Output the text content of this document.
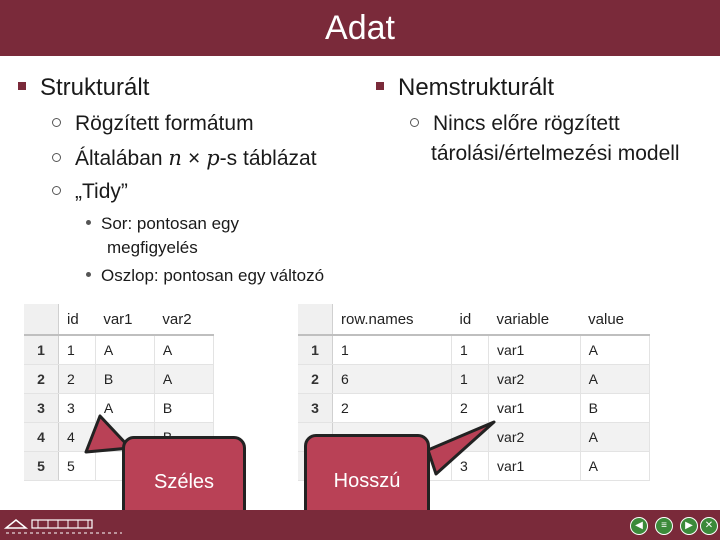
Adat
Strukturált
Rögzített formátum
Általában n × p-s táblázat
„Tidy”
Sor: pontosan egy
megfigyelés
Oszlop: pontosan egy változó
Nemstrukturált
Nincs előre rögzített
tárolási/értelmezési modell
	id	var1	var2
1	1	A	A
2	2	B	A
3	3	A	B
4	4		
5	5		
	row.names	id	variable	value
1	1	1	var1	A
2	6	1	var2	A
3	2	2	var1	B
			var2	A
		3	var1	A
Széles	Hosszú
◀	≡	▶	✕
